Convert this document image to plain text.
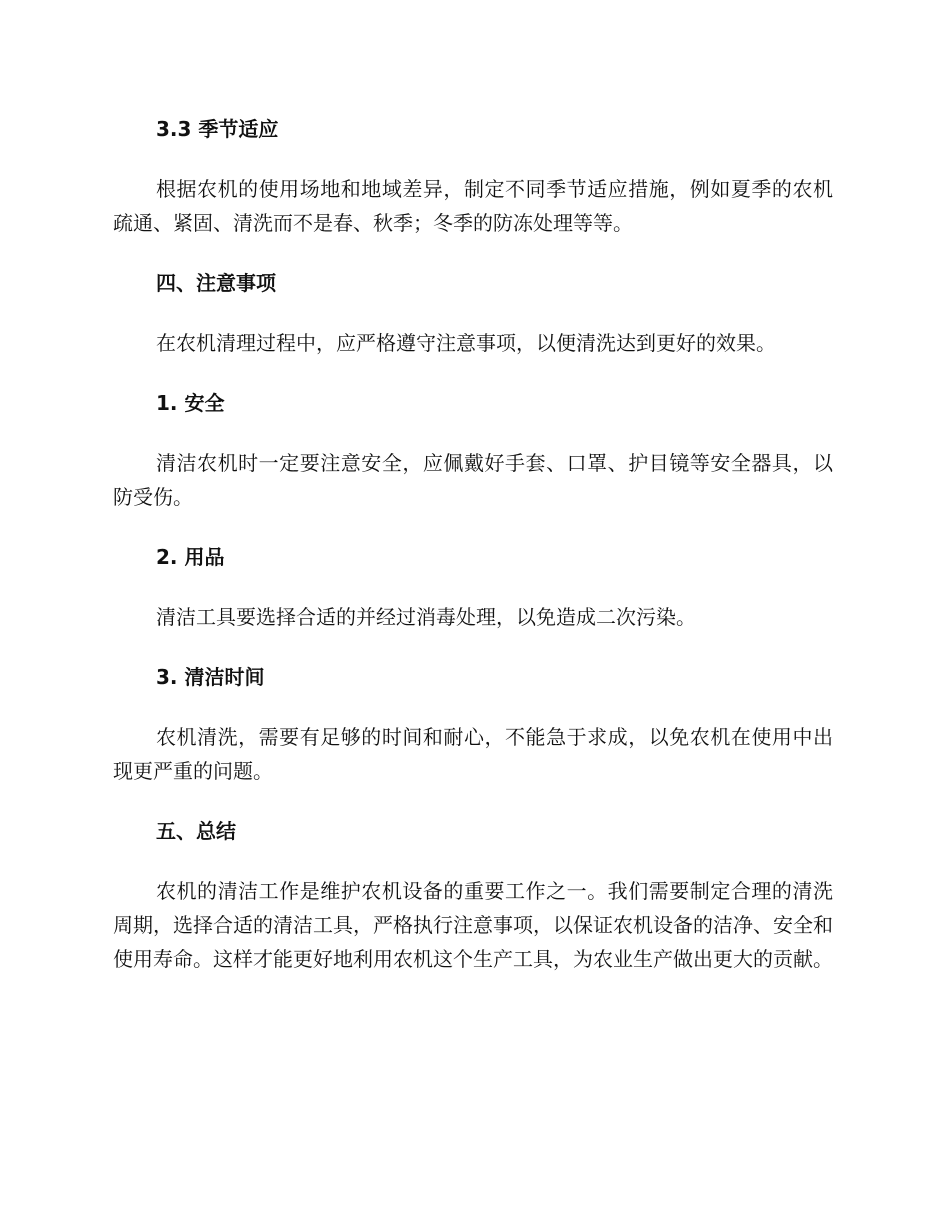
3.3 季节适应

根据农机的使用场地和地域差异，制定不同季节适应措施，例如夏季的农机疏通、紧固、清洗而不是春、秋季；冬季的防冻处理等等。

四、注意事项

在农机清理过程中，应严格遵守注意事项，以便清洗达到更好的效果。

1. 安全

清洁农机时一定要注意安全，应佩戴好手套、口罩、护目镜等安全器具，以防受伤。

2. 用品

清洁工具要选择合适的并经过消毒处理，以免造成二次污染。

3. 清洁时间

农机清洗，需要有足够的时间和耐心，不能急于求成，以免农机在使用中出现更严重的问题。

五、总结

农机的清洁工作是维护农机设备的重要工作之一。我们需要制定合理的清洗周期，选择合适的清洁工具，严格执行注意事项，以保证农机设备的洁净、安全和使用寿命。这样才能更好地利用农机这个生产工具，为农业生产做出更大的贡献。
